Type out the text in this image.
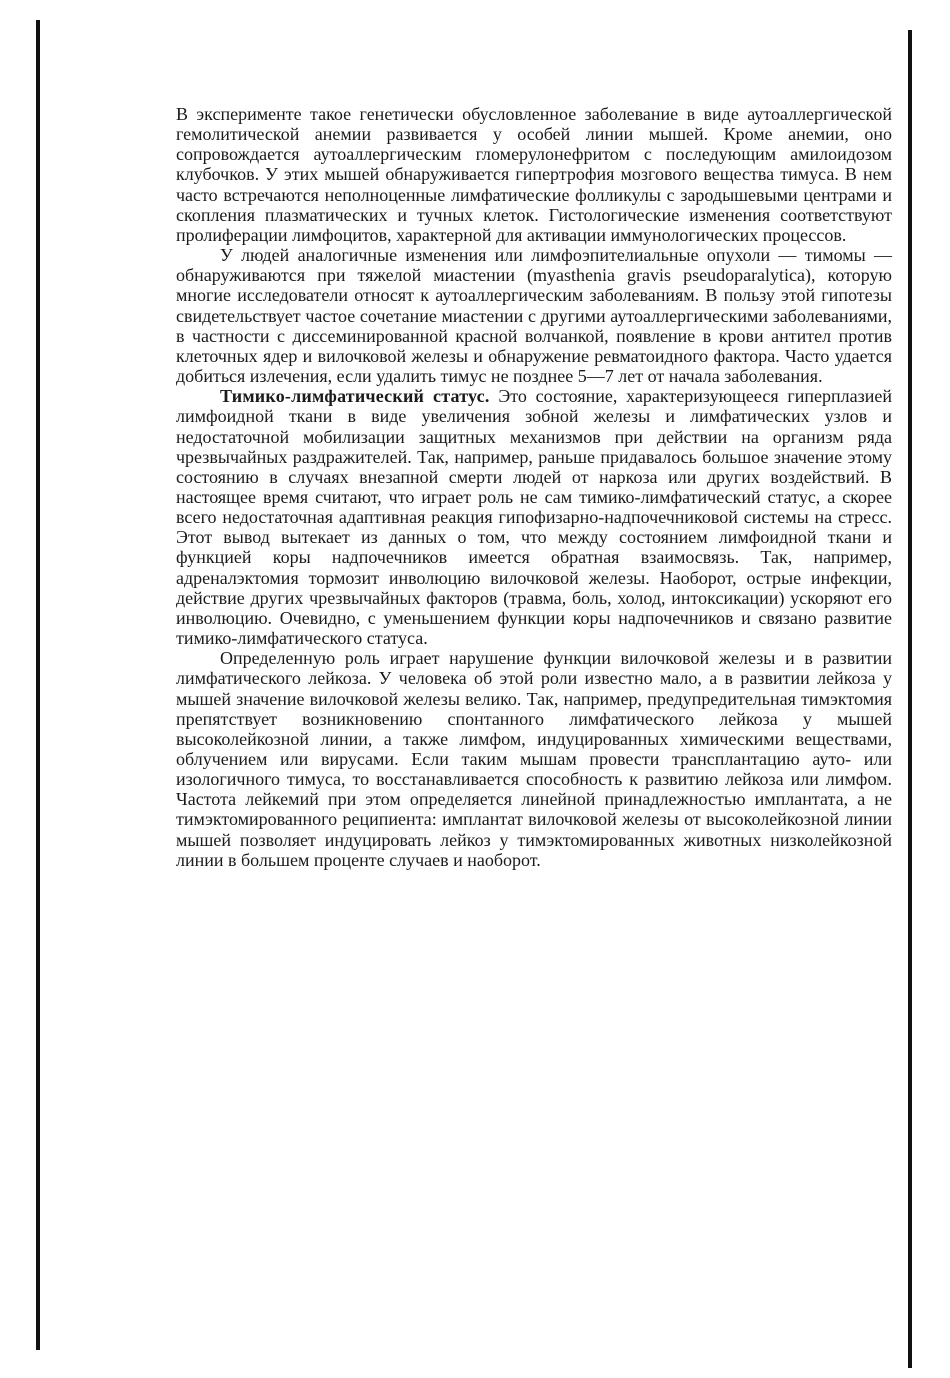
В эксперименте такое генетически обусловленное заболевание в виде аутоаллергической гемолитической анемии развивается у особей линии мышей. Кроме анемии, оно сопровождается аутоаллергическим гломерулонефритом с последующим амилоидозом клубочков. У этих мышей обнаруживается гипертрофия мозгового вещества тимуса. В нем часто встречаются неполноценные лимфатические фолликулы с зародышевыми центрами и скопления плазматических и тучных клеток. Гистологические изменения соответствуют пролиферации лимфоцитов, характерной для активации иммунологических процессов.

У людей аналогичные изменения или лимфоэпителиальные опухоли — тимомы — обнаруживаются при тяжелой миастении (myasthenia gravis pseudoparalytica), которую многие исследователи относят к аутоаллергическим заболеваниям. В пользу этой гипотезы свидетельствует частое сочетание миастении с другими аутоаллергическими заболеваниями, в частности с диссеминированной красной волчанкой, появление в крови антител против клеточных ядер и вилочковой железы и обнаружение ревматоидного фактора. Часто удается добиться излечения, если удалить тимус не позднее 5—7 лет от начала заболевания.

Тимико-лимфатический статус. Это состояние, характеризующееся гиперплазией лимфоидной ткани в виде увеличения зобной железы и лимфатических узлов и недостаточной мобилизации защитных механизмов при действии на организм ряда чрезвычайных раздражителей. Так, например, раньше придавалось большое значение этому состоянию в случаях внезапной смерти людей от наркоза или других воздействий. В настоящее время считают, что играет роль не сам тимико-лимфатический статус, а скорее всего недостаточная адаптивная реакция гипофизарно-надпочечниковой системы на стресс. Этот вывод вытекает из данных о том, что между состоянием лимфоидной ткани и функцией коры надпочечников имеется обратная взаимосвязь. Так, например, адреналэктомия тормозит инволюцию вилочковой железы. Наоборот, острые инфекции, действие других чрезвычайных факторов (травма, боль, холод, интоксикации) ускоряют его инволюцию. Очевидно, с уменьшением функции коры надпочечников и связано развитие тимико-лимфатического статуса.

Определенную роль играет нарушение функции вилочковой железы и в развитии лимфатического лейкоза. У человека об этой роли известно мало, а в развитии лейкоза у мышей значение вилочковой железы велико. Так, например, предупредительная тимэктомия препятствует возникновению спонтанного лимфатического лейкоза у мышей высоколейкозной линии, а также лимфом, индуцированных химическими веществами, облучением или вирусами. Если таким мышам провести трансплантацию ауто- или изологичного тимуса, то восстанавливается способность к развитию лейкоза или лимфом. Частота лейкемий при этом определяется линейной принадлежностью имплантата, а не тимэктомированного реципиента: имплантат вилочковой железы от высоколейкозной линии мышей позволяет индуцировать лейкоз у тимэктомированных животных низколейкозной линии в большем проценте случаев и наоборот.
